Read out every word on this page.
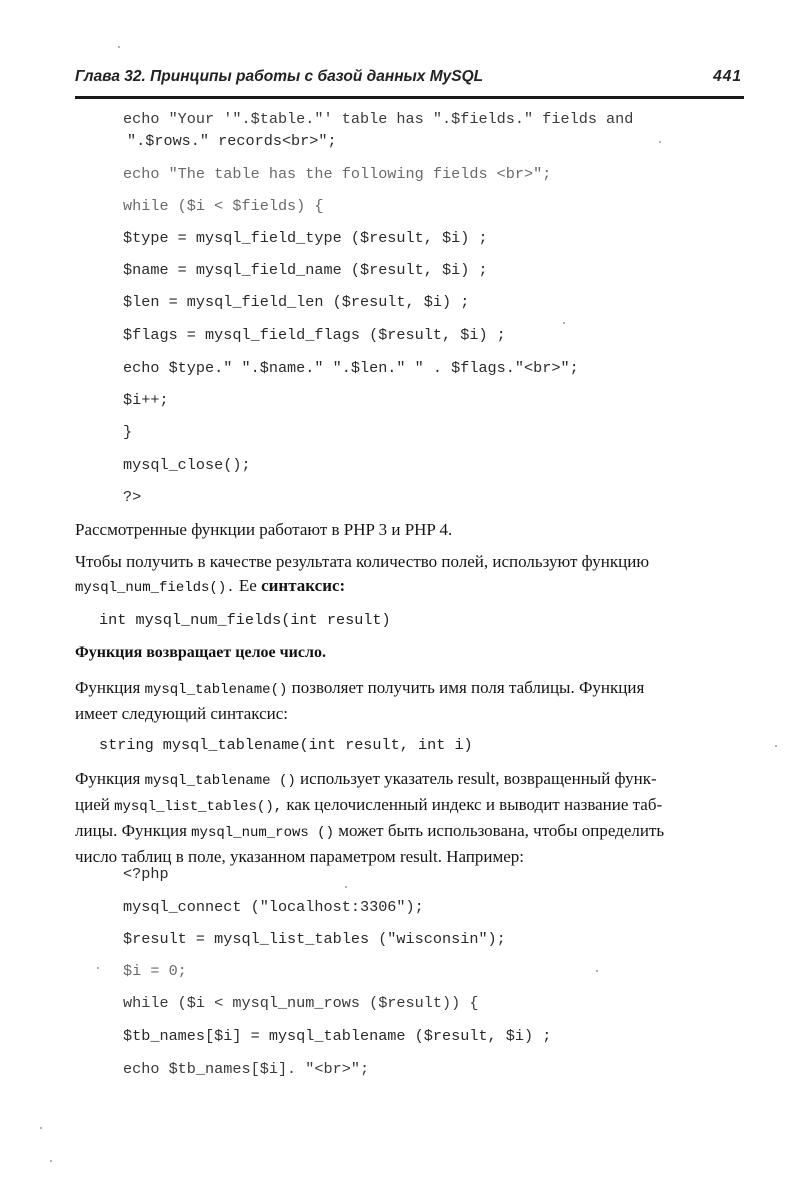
Глава 32. Принципы работы с базой данных MySQL	441
echo "Your '".$table."' table has ".$fields." fields and
".$rows." records<br>";
echo "The table has the following fields <br>";
while ($i < $fields) {
$type = mysql_field_type ($result, $i) ;
$name = mysql_field_name ($result, $i) ;
$len = mysql_field_len ($result, $i) ;
$flags = mysql_field_flags ($result, $i) ;
echo $type." ".$name." ".$len." " . $flags."<br>";
$i++;
}
mysql_close();
?>

Рассмотренные функции работают в PHP 3 и PHP 4.

Чтобы получить в качестве результата количество полей, используют функцию
mysql_num_fields(). Ее синтаксис:

int mysql_num_fields(int result)

Функция возвращает целое число.

Функция mysql_tablename() позволяет получить имя поля таблицы. Функция
имеет следующий синтаксис:

string mysql_tablename(int result, int i)

Функция mysql_tablename () использует указатель result, возвращенный функ-
цией mysql_list_tables(), как целочисленный индекс и выводит название таб-
лицы. Функция mysql_num_rows () может быть использована, чтобы определить
число таблиц в поле, указанном параметром result. Например:

<?php
mysql_connect ("localhost:3306");
$result = mysql_list_tables ("wisconsin");
$i = 0;
while ($i < mysql_num_rows ($result)) {
$tb_names[$i] = mysql_tablename ($result, $i) ;
echo $tb_names[$i]. "<br>";
